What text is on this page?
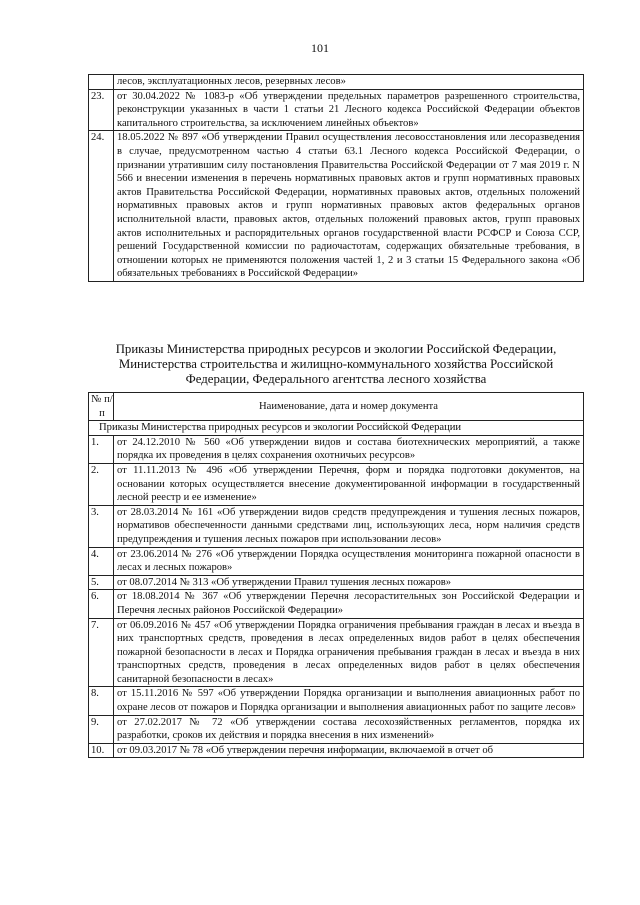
101
	лесов, эксплуатационных лесов, резервных лесов»
23.	от 30.04.2022 № 1083-р «Об утверждении предельных параметров разрешенного строительства, реконструкции указанных в части 1 статьи 21 Лесного кодекса Российской Федерации объектов капитального строительства, за исключением линейных объектов»
24.	18.05.2022 № 897 «Об утверждении Правил осуществления лесовосстановления или лесоразведения в случае, предусмотренном частью 4 статьи 63.1 Лесного кодекса Российской Федерации, о признании утратившим силу постановления Правительства Российской Федерации от 7 мая 2019 г. N 566 и внесении изменения в перечень нормативных правовых актов и групп нормативных правовых актов Правительства Российской Федерации, нормативных правовых актов, отдельных положений нормативных правовых актов и групп нормативных правовых актов федеральных органов исполнительной власти, правовых актов, отдельных положений правовых актов, групп правовых актов исполнительных и распорядительных органов государственной власти РСФСР и Союза ССР, решений Государственной комиссии по радиочастотам, содержащих обязательные требования, в отношении которых не применяются положения частей 1, 2 и 3 статьи 15 Федерального закона «Об обязательных требованиях в Российской Федерации»
Приказы Министерства природных ресурсов и экологии Российской Федерации, Министерства строительства и жилищно-коммунального хозяйства Российской Федерации, Федерального агентства лесного хозяйства
№ п/п	Наименование, дата и номер документа
Приказы Министерства природных ресурсов и экологии Российской Федерации	
1.	от 24.12.2010 № 560 «Об утверждении видов и состава биотехнических мероприятий, а также порядка их проведения в целях сохранения охотничьих ресурсов»
2.	от 11.11.2013 № 496 «Об утверждении Перечня, форм и порядка подготовки документов, на основании которых осуществляется внесение документированной информации в государственный лесной реестр и ее изменение»
3.	от 28.03.2014 № 161 «Об утверждении видов средств предупреждения и тушения лесных пожаров, нормативов обеспеченности данными средствами лиц, использующих леса, норм наличия средств предупреждения и тушения лесных пожаров при использовании лесов»
4.	от 23.06.2014 № 276 «Об утверждении Порядка осуществления мониторинга пожарной опасности в лесах и лесных пожаров»
5.	от 08.07.2014 № 313 «Об утверждении Правил тушения лесных пожаров»
6.	от 18.08.2014 № 367 «Об утверждении Перечня лесорастительных зон Российской Федерации и Перечня лесных районов Российской Федерации»
7.	от 06.09.2016 № 457 «Об утверждении Порядка ограничения пребывания граждан в лесах и въезда в них транспортных средств, проведения в лесах определенных видов работ в целях обеспечения пожарной безопасности в лесах и Порядка ограничения пребывания граждан в лесах и въезда в них транспортных средств, проведения в лесах определенных видов работ в целях обеспечения санитарной безопасности в лесах»
8.	от 15.11.2016 № 597 «Об утверждении Порядка организации и выполнения авиационных работ по охране лесов от пожаров и Порядка организации и выполнения авиационных работ по защите лесов»
9.	от 27.02.2017 № 72 «Об утверждении состава лесохозяйственных регламентов, порядка их разработки, сроков их действия и порядка внесения в них изменений»
10.	от 09.03.2017 № 78 «Об утверждении перечня информации, включаемой в отчет об
